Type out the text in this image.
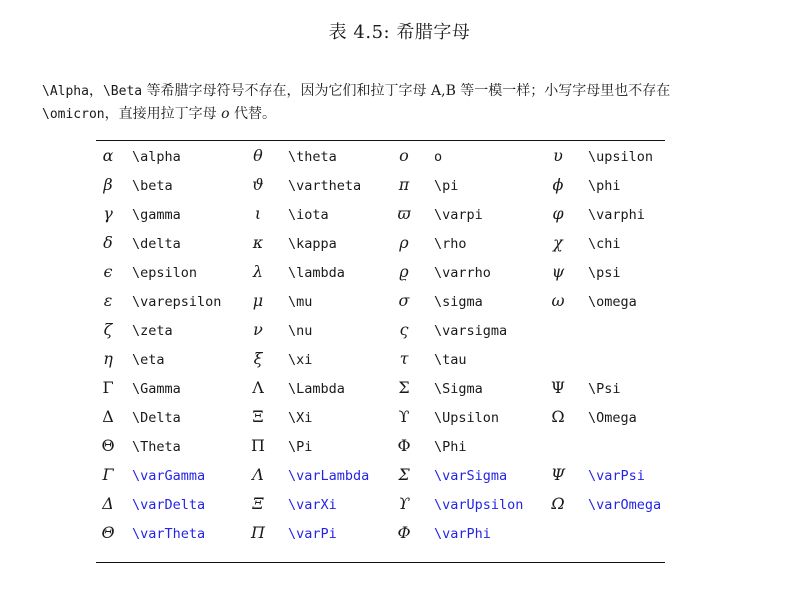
表 4.5: 希腊字母
\Alpha，\Beta 等希腊字母符号不存在，因为它们和拉丁字母 A,B 等一模一样；小写字母里也不存在
\omicron，直接用拉丁字母 o 代替。
α	\alpha	θ	\theta	o	o	υ	\upsilon
β	\beta	ϑ	\vartheta	π	\pi	ϕ	\phi
γ	\gamma	ι	\iota	ϖ	\varpi	φ	\varphi
δ	\delta	κ	\kappa	ρ	\rho	χ	\chi
ϵ	\epsilon	λ	\lambda	ϱ	\varrho	ψ	\psi
ε	\varepsilon	μ	\mu	σ	\sigma	ω	\omega
ζ	\zeta	ν	\nu	ς	\varsigma
η	\eta	ξ	\xi	τ	\tau
Γ	\Gamma	Λ	\Lambda	Σ	\Sigma	Ψ	\Psi
Δ	\Delta	Ξ	\Xi	ϒ	\Upsilon	Ω	\Omega
Θ	\Theta	Π	\Pi	Φ	\Phi
Γ	\varGamma	Λ	\varLambda	Σ	\varSigma	Ψ	\varPsi
Δ	\varDelta	Ξ	\varXi	ϒ	\varUpsilon	Ω	\varOmega
Θ	\varTheta	Π	\varPi	Φ	\varPhi
